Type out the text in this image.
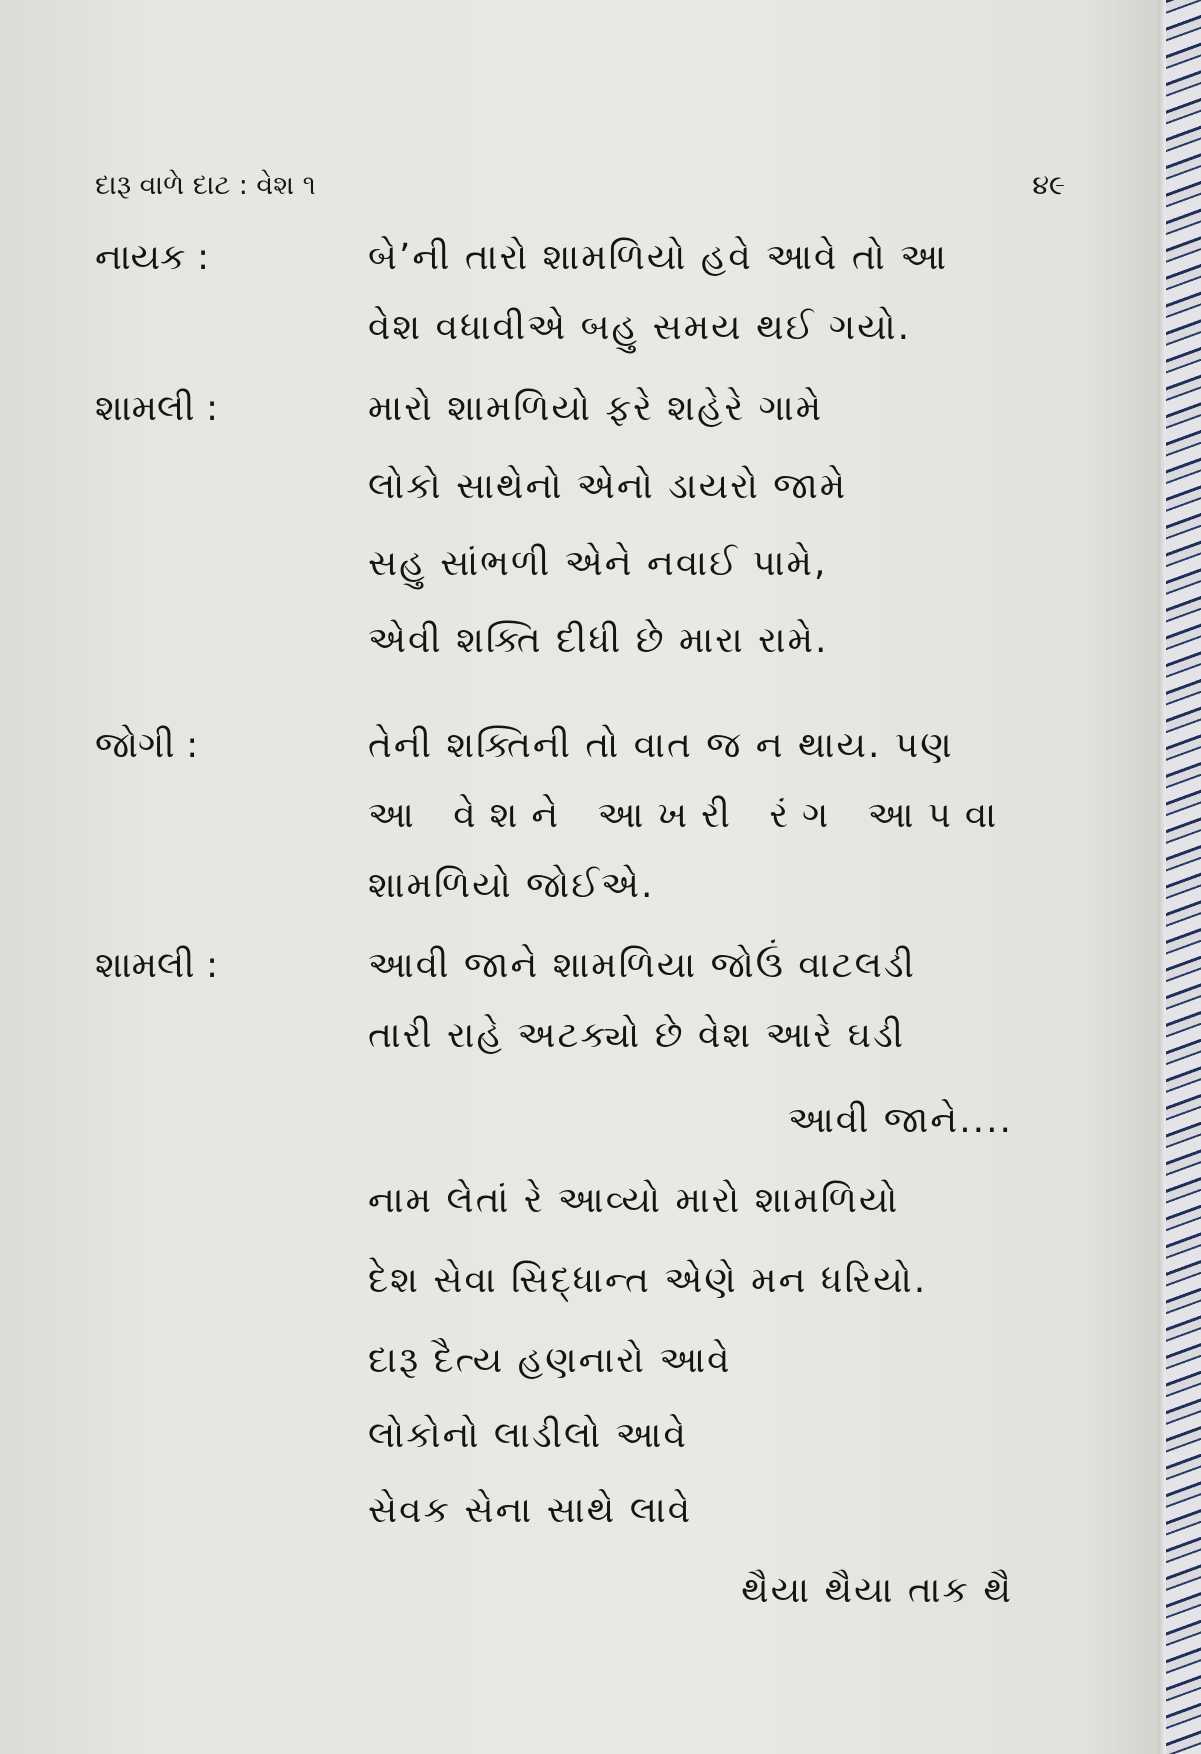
દારૂ વાળે દાટ : વેશ ૧	૪૯
નાયક :	બે’ની તારો શામળિયો હવે આવે તો આ
વેશ વધાવીએ બહુ સમય થઈ ગયો.
શામલી :	મારો શામળિયો ફરે શહેરે ગામે
લોકો સાથેનો એનો ડાયરો જામે
સહુ સાંભળી એને નવાઈ પામે,
એવી શક્તિ દીધી છે મારા રામે.
જોગી :	તેની શક્તિની તો વાત જ ન થાય. પણ
આ વેશને આખરી રંગ આપવા
શામળિયો જોઈએ.
શામલી :	આવી જાને શામળિયા જોઉં વાટલડી
તારી રાહે અટક્યો છે વેશ આરે ઘડી
આવી જાને....
નામ લેતાં રે આવ્યો મારો શામળિયો
દેશ સેવા સિદ્ધાન્ત એણે મન ધરિયો.
દારૂ દૈત્ય હણનારો આવે
લોકોનો લાડીલો આવે
સેવક સેના સાથે લાવે
થૈયા થૈયા તાક થૈ
